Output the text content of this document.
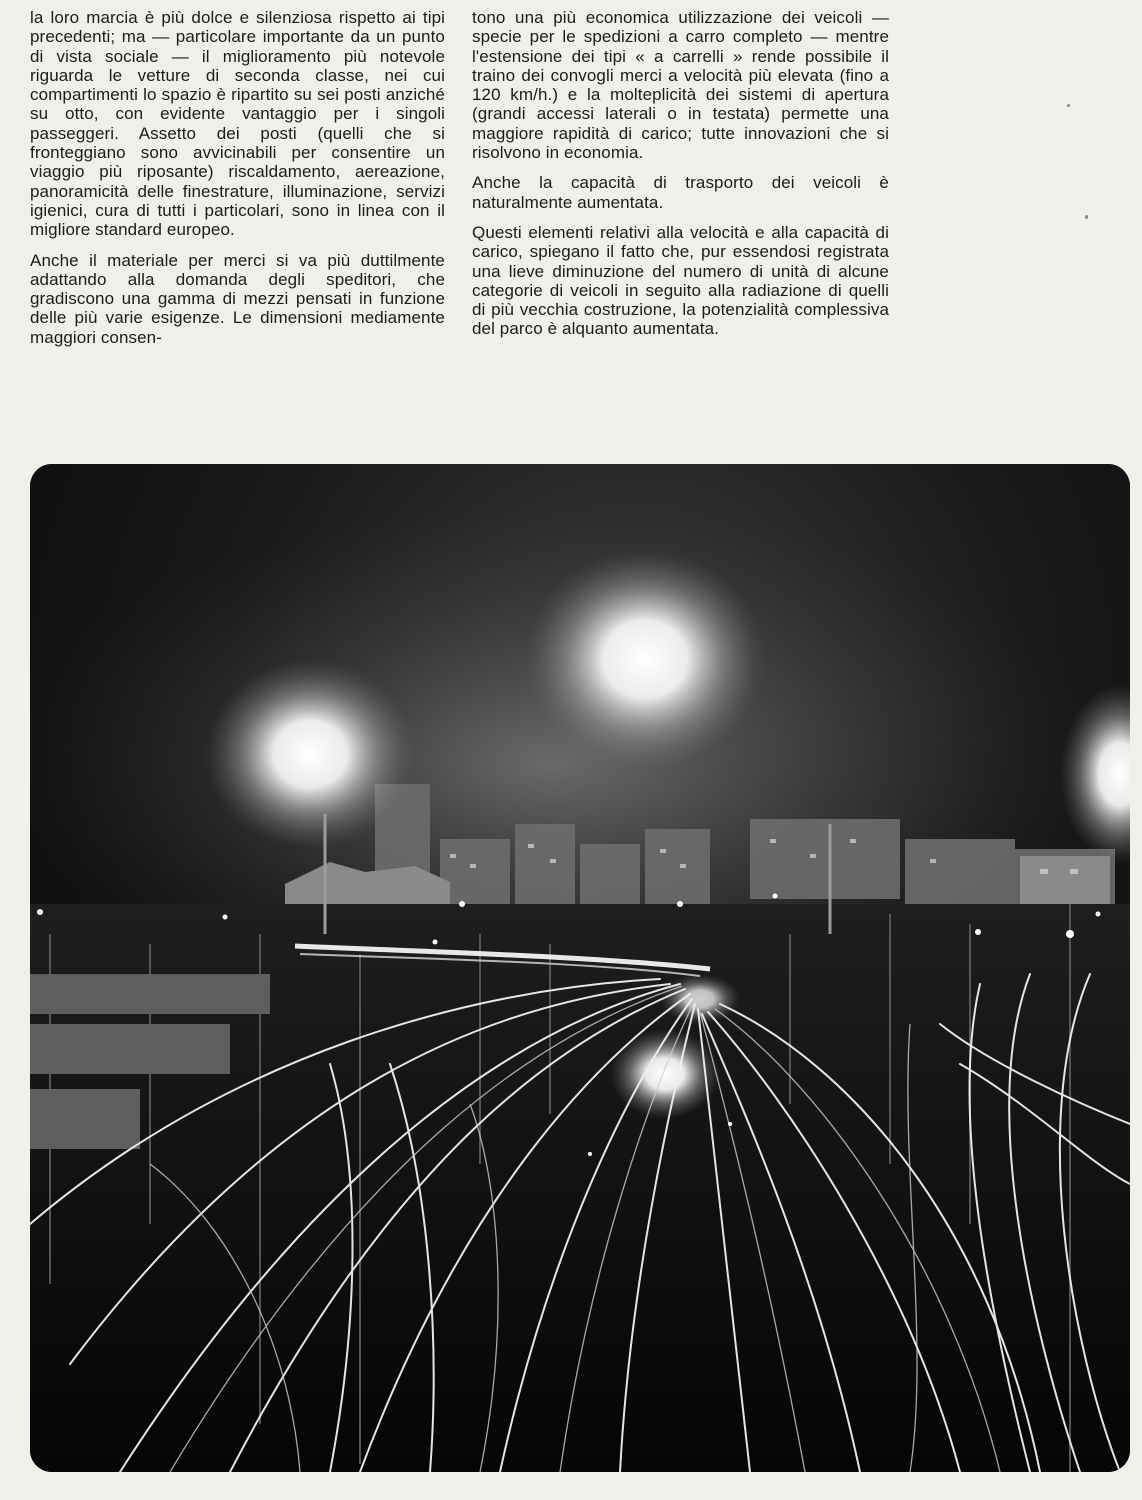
la loro marcia è più dolce e silenziosa rispetto ai tipi precedenti; ma — particolare importante da un punto di vista sociale — il miglioramento più notevole riguarda le vetture di seconda classe, nei cui compartimenti lo spazio è ripartito su sei posti anziché su otto, con evidente vantaggio per i singoli passeggeri. Assetto dei posti (quelli che si fronteggiano sono avvicinabili per consentire un viaggio più riposante) riscaldamento, aereazione, panoramicità delle finestrature, illuminazione, servizi igienici, cura di tutti i particolari, sono in linea con il migliore standard europeo.

Anche il materiale per merci si va più duttilmente adattando alla domanda degli speditori, che gradiscono una gamma di mezzi pensati in funzione delle più varie esigenze. Le dimensioni mediamente maggiori consen-

tono una più economica utilizzazione dei veicoli — specie per le spedizioni a carro completo — mentre l'estensione dei tipi « a carrelli » rende possibile il traino dei convogli merci a velocità più elevata (fino a 120 km/h.) e la molteplicità dei sistemi di apertura (grandi accessi laterali o in testata) permette una maggiore rapidità di carico; tutte innovazioni che si risolvono in economia.

Anche la capacità di trasporto dei veicoli è naturalmente aumentata.

Questi elementi relativi alla velocità e alla capacità di carico, spiegano il fatto che, pur essendosi registrata una lieve diminuzione del numero di unità di alcune categorie di veicoli in seguito alla radiazione di quelli di più vecchia costruzione, la potenzialità complessiva del parco è alquanto aumentata.
